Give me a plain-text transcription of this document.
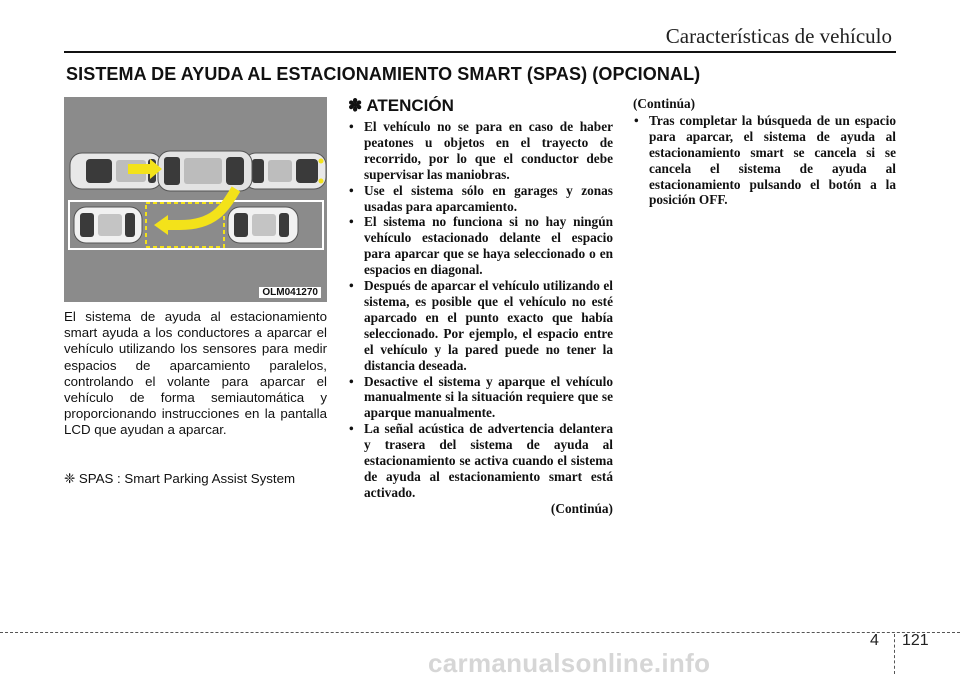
Características de vehículo
SISTEMA DE AYUDA AL ESTACIONAMIENTO SMART (SPAS) (OPCIONAL)
OLM041270
El sistema de ayuda al estacionamiento smart ayuda a los conductores a aparcar el vehículo utilizando los sensores para medir espacios de aparcamiento paralelos, controlando el volante para aparcar el vehículo de forma semiautomática y proporcionando instrucciones en la pantalla LCD que ayudan a aparcar.
❈ SPAS : Smart Parking Assist System
✽ ATENCIÓN
• El vehículo no se para en caso de haber peatones u objetos en el trayecto de recorrido, por lo que el conductor debe supervisar las maniobras.
• Use el sistema sólo en garages y zonas usadas para aparcamiento.
• El sistema no funciona si no hay ningún vehículo estacionado delante el espacio para aparcar que se haya seleccionado o en espacios en diagonal.
• Después de aparcar el vehículo utilizando el sistema, es posible que el vehículo no esté aparcado en el punto exacto que había seleccionado. Por ejemplo, el espacio entre el vehículo y la pared puede no tener la distancia deseada.
• Desactive el sistema y aparque el vehículo manualmente si la situación requiere que se aparque manualmente.
• La señal acústica de advertencia delantera y trasera del sistema de ayuda al estacionamiento se activa cuando el sistema de ayuda al estacionamiento smart está activado.
(Continúa)
(Continúa)
• Tras completar la búsqueda de un espacio para aparcar, el sistema de ayuda al estacionamiento smart se cancela si se cancela el sistema de ayuda al estacionamiento pulsando el botón a la posición OFF.
4 121
carmanualsonline.info
